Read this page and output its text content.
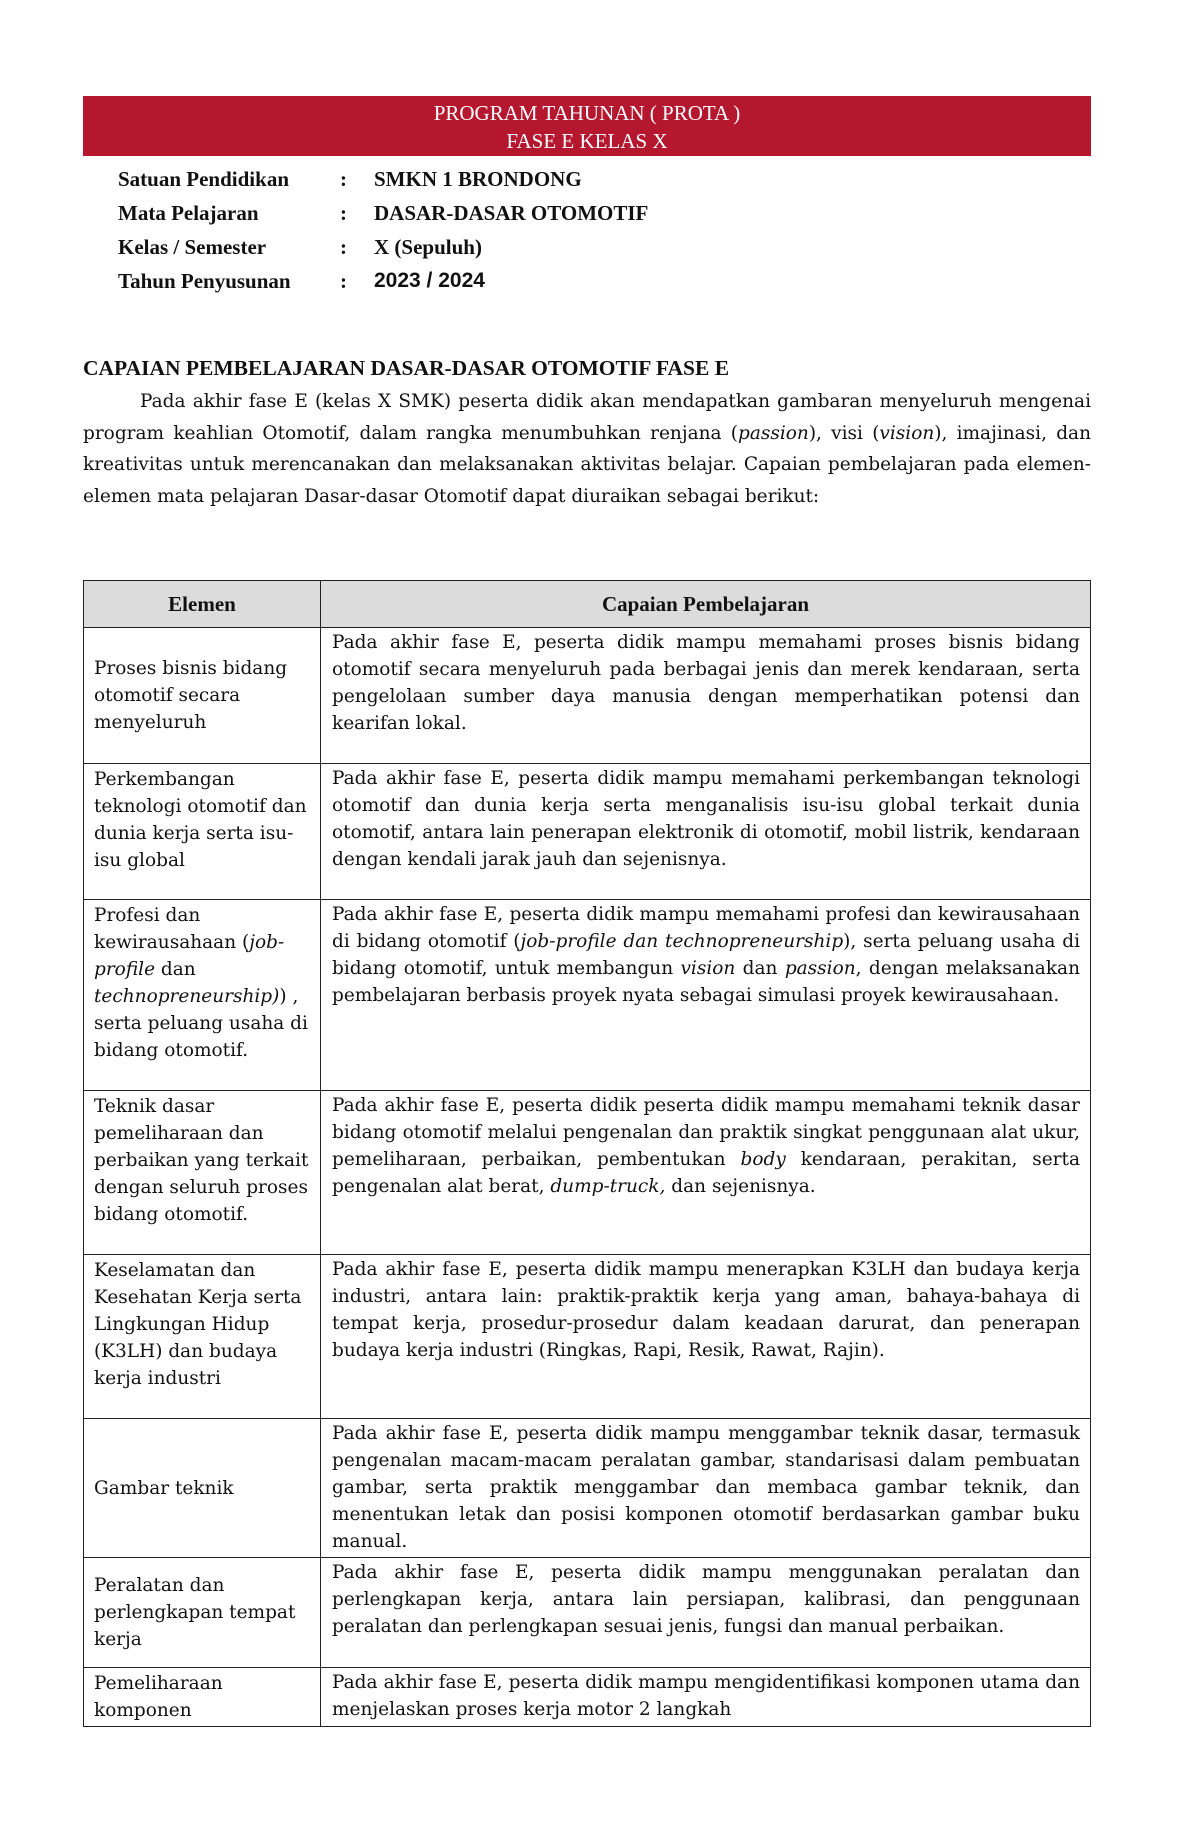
PROGRAM TAHUNAN ( PROTA )
FASE E KELAS X
Satuan Pendidikan	:	SMKN 1 BRONDONG
Mata Pelajaran	:	DASAR-DASAR OTOMOTIF
Kelas / Semester	:	X (Sepuluh)
Tahun Penyusunan	:	2023 / 2024
CAPAIAN PEMBELAJARAN DASAR-DASAR OTOMOTIF FASE E

Pada akhir fase E (kelas X SMK) peserta didik akan mendapatkan gambaran menyeluruh mengenai program keahlian Otomotif, dalam rangka menumbuhkan renjana (passion), visi (vision), imajinasi, dan kreativitas untuk merencanakan dan melaksanakan aktivitas belajar. Capaian pembelajaran pada elemen-elemen mata pelajaran Dasar-dasar Otomotif dapat diuraikan sebagai berikut:

Elemen	Capaian Pembelajaran
Proses bisnis bidang otomotif secara menyeluruh	Pada akhir fase E, peserta didik mampu memahami proses bisnis bidang otomotif secara menyeluruh pada berbagai jenis dan merek kendaraan, serta pengelolaan sumber daya manusia dengan memperhatikan potensi dan kearifan lokal.
Perkembangan teknologi otomotif dan dunia kerja serta isu- isu global	Pada akhir fase E, peserta didik mampu memahami perkembangan teknologi otomotif dan dunia kerja serta menganalisis isu-isu global terkait dunia otomotif, antara lain penerapan elektronik di otomotif, mobil listrik, kendaraan dengan kendali jarak jauh dan sejenisnya.
Profesi dan kewirausahaan (job- profile dan technopreneurship)) , serta peluang usaha di bidang otomotif.	Pada akhir fase E, peserta didik mampu memahami profesi dan kewirausahaan di bidang otomotif (job-profile dan technopreneurship), serta peluang usaha di bidang otomotif, untuk membangun vision dan passion, dengan melaksanakan pembelajaran berbasis proyek nyata sebagai simulasi proyek kewirausahaan.
Teknik dasar pemeliharaan dan perbaikan yang terkait dengan seluruh proses bidang otomotif.	Pada akhir fase E, peserta didik peserta didik mampu memahami teknik dasar bidang otomotif melalui pengenalan dan praktik singkat penggunaan alat ukur, pemeliharaan, perbaikan, pembentukan body kendaraan, perakitan, serta pengenalan alat berat, dump-truck, dan sejenisnya.
Keselamatan dan Kesehatan Kerja serta Lingkungan Hidup (K3LH) dan budaya kerja industri	Pada akhir fase E, peserta didik mampu menerapkan K3LH dan budaya kerja industri, antara lain: praktik-praktik kerja yang aman, bahaya-bahaya di tempat kerja, prosedur-prosedur dalam keadaan darurat, dan penerapan budaya kerja industri (Ringkas, Rapi, Resik, Rawat, Rajin).
Gambar teknik	Pada akhir fase E, peserta didik mampu menggambar teknik dasar, termasuk pengenalan macam-macam peralatan gambar, standarisasi dalam pembuatan gambar, serta praktik menggambar dan membaca gambar teknik, dan menentukan letak dan posisi komponen otomotif berdasarkan gambar buku manual.
Peralatan dan perlengkapan tempat kerja	Pada akhir fase E, peserta didik mampu menggunakan peralatan dan perlengkapan kerja, antara lain persiapan, kalibrasi, dan penggunaan peralatan dan perlengkapan sesuai jenis, fungsi dan manual perbaikan.
Pemeliharaan komponen	Pada akhir fase E, peserta didik mampu mengidentifikasi komponen utama dan menjelaskan proses kerja motor 2 langkah
